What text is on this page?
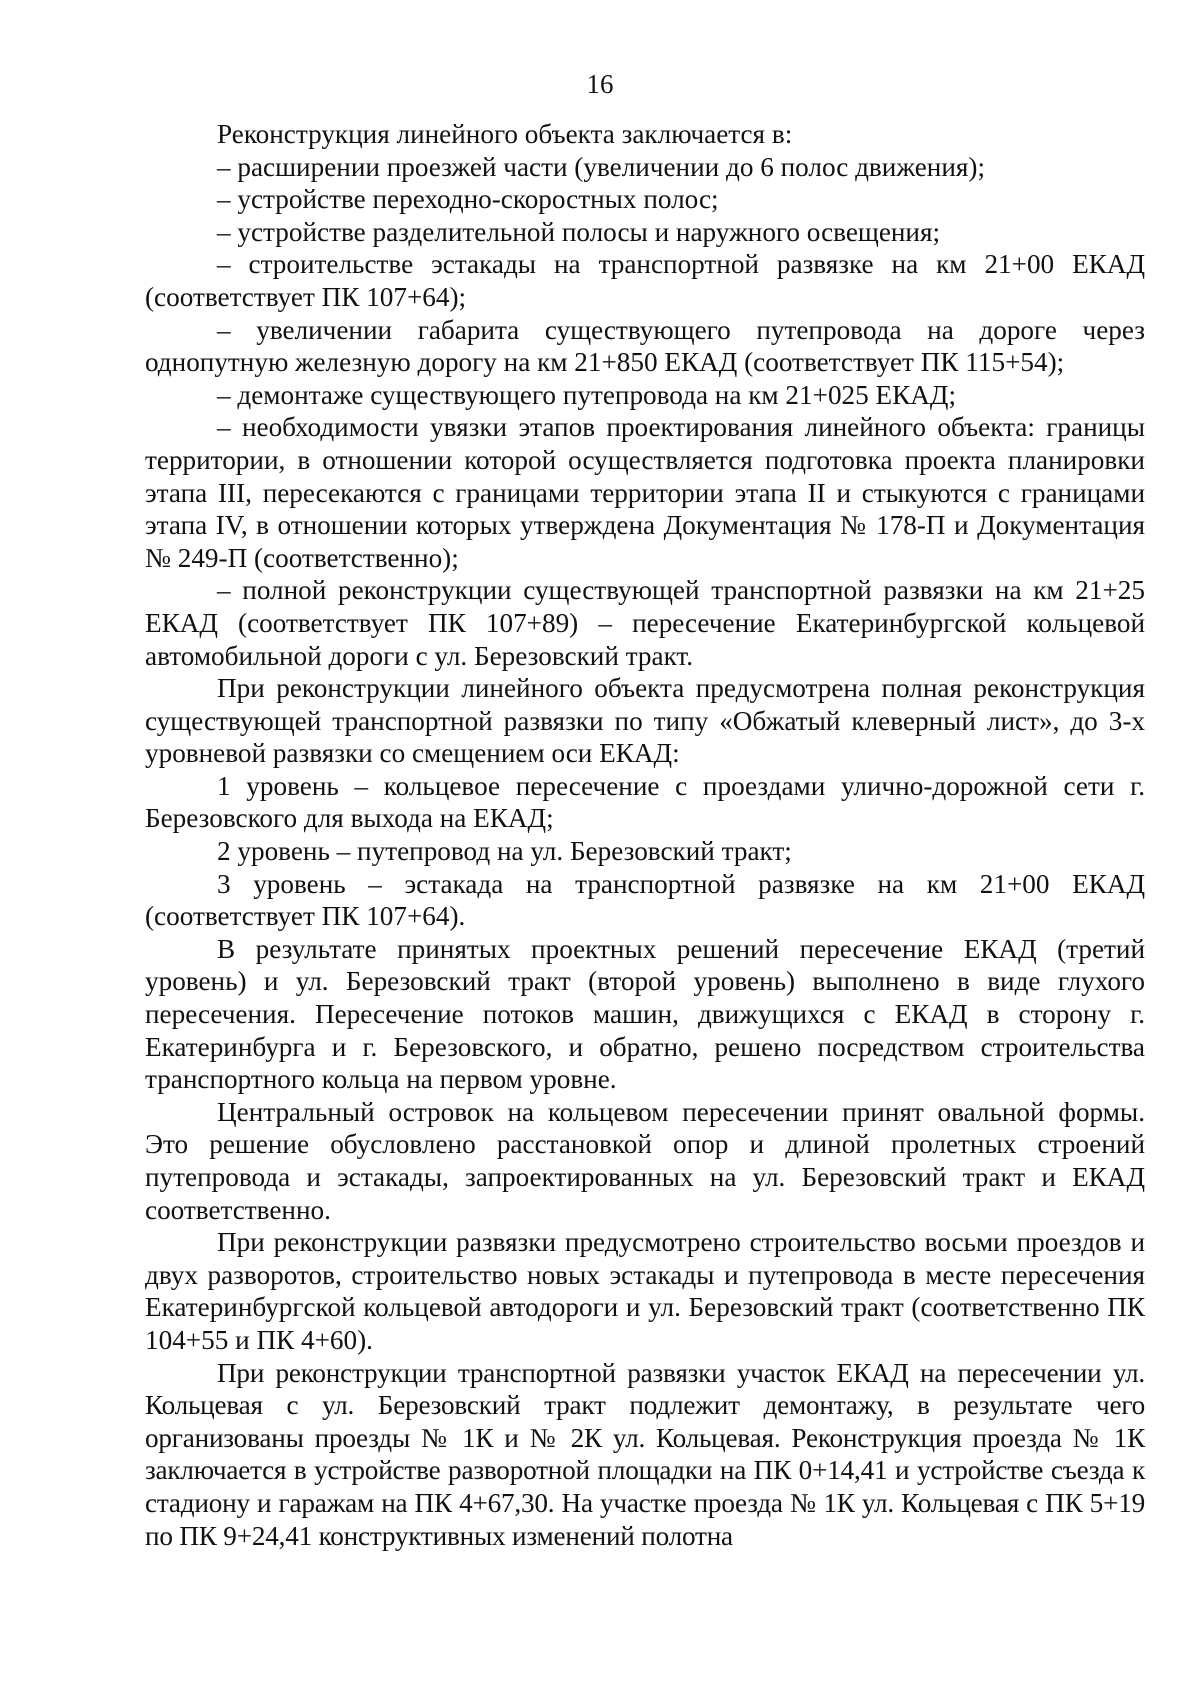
16

Реконструкция линейного объекта заключается в:

– расширении проезжей части (увеличении до 6 полос движения);

– устройстве переходно-скоростных полос;

– устройстве разделительной полосы и наружного освещения;

– строительстве эстакады на транспортной развязке на км 21+00 ЕКАД (соответствует ПК 107+64);

– увеличении габарита существующего путепровода на дороге через однопутную железную дорогу на км 21+850 ЕКАД (соответствует ПК 115+54);

– демонтаже существующего путепровода на км 21+025 ЕКАД;

– необходимости увязки этапов проектирования линейного объекта: границы территории, в отношении которой осуществляется подготовка проекта планировки этапа III, пересекаются с границами территории этапа II и стыкуются с границами этапа IV, в отношении которых утверждена Документация № 178-П и Документация № 249-П (соответственно);

– полной реконструкции существующей транспортной развязки на км 21+25 ЕКАД (соответствует ПК 107+89) – пересечение Екатеринбургской кольцевой автомобильной дороги с ул. Березовский тракт.

При реконструкции линейного объекта предусмотрена полная реконструкция существующей транспортной развязки по типу «Обжатый клеверный лист», до 3-х уровневой развязки со смещением оси ЕКАД:

1 уровень – кольцевое пересечение с проездами улично-дорожной сети г. Березовского для выхода на ЕКАД;

2 уровень – путепровод на ул. Березовский тракт;

3 уровень – эстакада на транспортной развязке на км 21+00 ЕКАД (соответствует ПК 107+64).

В результате принятых проектных решений пересечение ЕКАД (третий уровень) и ул. Березовский тракт (второй уровень) выполнено в виде глухого пересечения. Пересечение потоков машин, движущихся с ЕКАД в сторону г. Екатеринбурга и г. Березовского, и обратно, решено посредством строительства транспортного кольца на первом уровне.

Центральный островок на кольцевом пересечении принят овальной формы. Это решение обусловлено расстановкой опор и длиной пролетных строений путепровода и эстакады, запроектированных на ул. Березовский тракт и ЕКАД соответственно.

При реконструкции развязки предусмотрено строительство восьми проездов и двух разворотов, строительство новых эстакады и путепровода в месте пересечения Екатеринбургской кольцевой автодороги и ул. Березовский тракт (соответственно ПК 104+55 и ПК 4+60).

При реконструкции транспортной развязки участок ЕКАД на пересечении ул. Кольцевая с ул. Березовский тракт подлежит демонтажу, в результате чего организованы проезды № 1К и № 2К ул. Кольцевая. Реконструкция проезда № 1К заключается в устройстве разворотной площадки на ПК 0+14,41 и устройстве съезда к стадиону и гаражам на ПК 4+67,30. На участке проезда № 1К ул. Кольцевая с ПК 5+19 по ПК 9+24,41 конструктивных изменений полотна
